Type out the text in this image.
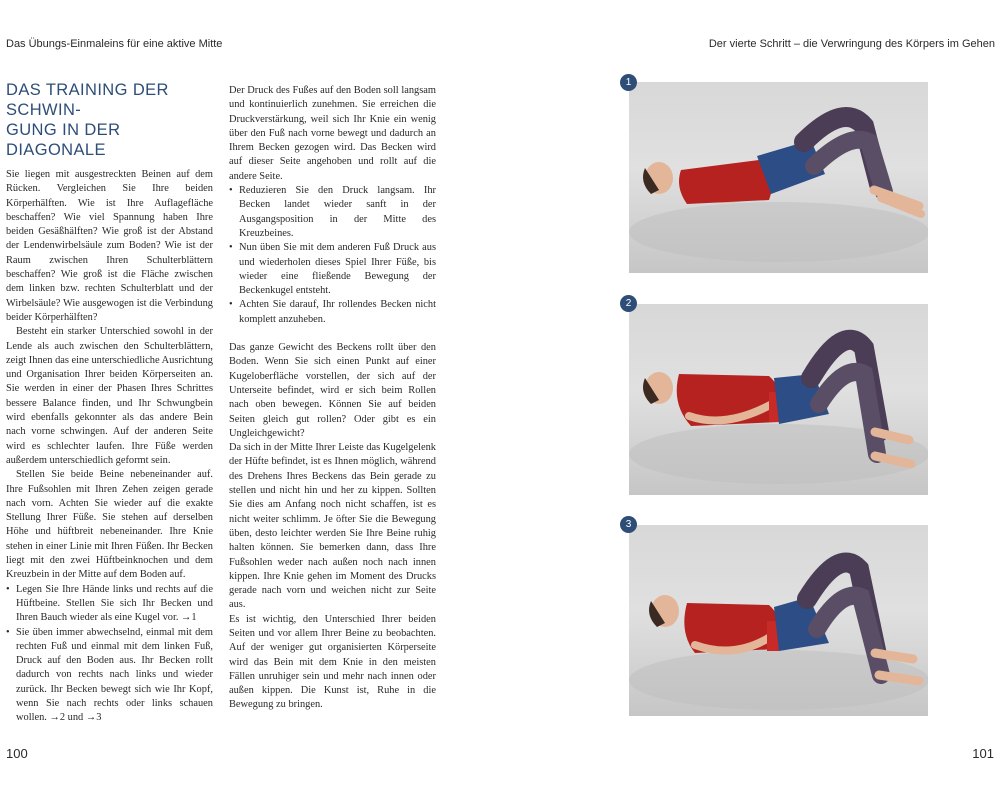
Das Übungs-Einmaleins für eine aktive Mitte	Der vierte Schritt – die Verwringung des Körpers im Gehen
DAS TRAINING DER SCHWIN-
GUNG IN DER DIAGONALE

Sie liegen mit ausgestreckten Beinen auf dem Rücken. Vergleichen Sie Ihre beiden Körperhälften. Wie ist Ihre Auflagefläche beschaffen? Wie viel Spannung haben Ihre beiden Gesäßhälften? Wie groß ist der Abstand der Lendenwirbelsäule zum Boden? Wie ist der Raum zwischen Ihren Schulterblättern beschaffen? Wie groß ist die Fläche zwischen dem linken bzw. rechten Schulterblatt und der Wirbelsäule? Wie ausgewogen ist die Verbindung beider Körperhälften?

Besteht ein starker Unterschied sowohl in der Lende als auch zwischen den Schulterblättern, zeigt Ihnen das eine unterschiedliche Ausrichtung und Organisation Ihrer beiden Körperseiten an. Sie werden in einer der Phasen Ihres Schrittes bessere Balance finden, und Ihr Schwungbein wird ebenfalls gekonnter als das andere Bein nach vorne schwingen. Auf der anderen Seite wird es schlechter laufen. Ihre Füße werden außerdem unterschiedlich geformt sein.

Stellen Sie beide Beine nebeneinander auf. Ihre Fußsohlen mit Ihren Zehen zeigen gerade nach vorn. Achten Sie wieder auf die exakte Stellung Ihrer Füße. Sie stehen auf derselben Höhe und hüftbreit nebeneinander. Ihre Knie stehen in einer Linie mit Ihren Füßen. Ihr Becken liegt mit den zwei Hüftbeinknochen und dem Kreuzbein in der Mitte auf dem Boden auf.

• Legen Sie Ihre Hände links und rechts auf die Hüftbeine. Stellen Sie sich Ihr Becken und Ihren Bauch wieder als eine Kugel vor. →1
• Sie üben immer abwechselnd, einmal mit dem rechten Fuß und einmal mit dem linken Fuß, Druck auf den Boden aus. Ihr Becken rollt dadurch von rechts nach links und wieder zurück. Ihr Becken bewegt sich wie Ihr Kopf, wenn Sie nach rechts oder links schauen wollen. →2 und →3

Der Druck des Fußes auf den Boden soll langsam und kontinuierlich zunehmen. Sie erreichen die Druckverstärkung, weil sich Ihr Knie ein wenig über den Fuß nach vorne bewegt und dadurch an Ihrem Becken gezogen wird. Das Becken wird auf dieser Seite angehoben und rollt auf die andere Seite.

• Reduzieren Sie den Druck langsam. Ihr Becken landet wieder sanft in der Ausgangsposition in der Mitte des Kreuzbeines.
• Nun üben Sie mit dem anderen Fuß Druck aus und wiederholen dieses Spiel Ihrer Füße, bis wieder eine fließende Bewegung der Beckenkugel entsteht.
• Achten Sie darauf, Ihr rollendes Becken nicht komplett anzuheben.

Das ganze Gewicht des Beckens rollt über den Boden. Wenn Sie sich einen Punkt auf einer Kugeloberfläche vorstellen, der sich auf der Unterseite befindet, wird er sich beim Rollen nach oben bewegen. Können Sie auf beiden Seiten gleich gut rollen? Oder gibt es ein Ungleichgewicht?

Da sich in der Mitte Ihrer Leiste das Kugelgelenk der Hüfte befindet, ist es Ihnen möglich, während des Drehens Ihres Beckens das Bein gerade zu stellen und nicht hin und her zu kippen. Sollten Sie dies am Anfang noch nicht schaffen, ist es nicht weiter schlimm. Je öfter Sie die Bewegung üben, desto leichter werden Sie Ihre Beine ruhig halten können. Sie bemerken dann, dass Ihre Fußsohlen weder nach außen noch nach innen kippen. Ihre Knie gehen im Moment des Drucks gerade nach vorn und weichen nicht zur Seite aus.

Es ist wichtig, den Unterschied Ihrer beiden Seiten und vor allem Ihrer Beine zu beobachten. Auf der weniger gut organisierten Körperseite wird das Bein mit dem Knie in den meisten Fällen unruhiger sein und mehr nach innen oder außen kippen. Die Kunst ist, Ruhe in die Bewegung zu bringen.

100	101
1
2
3
